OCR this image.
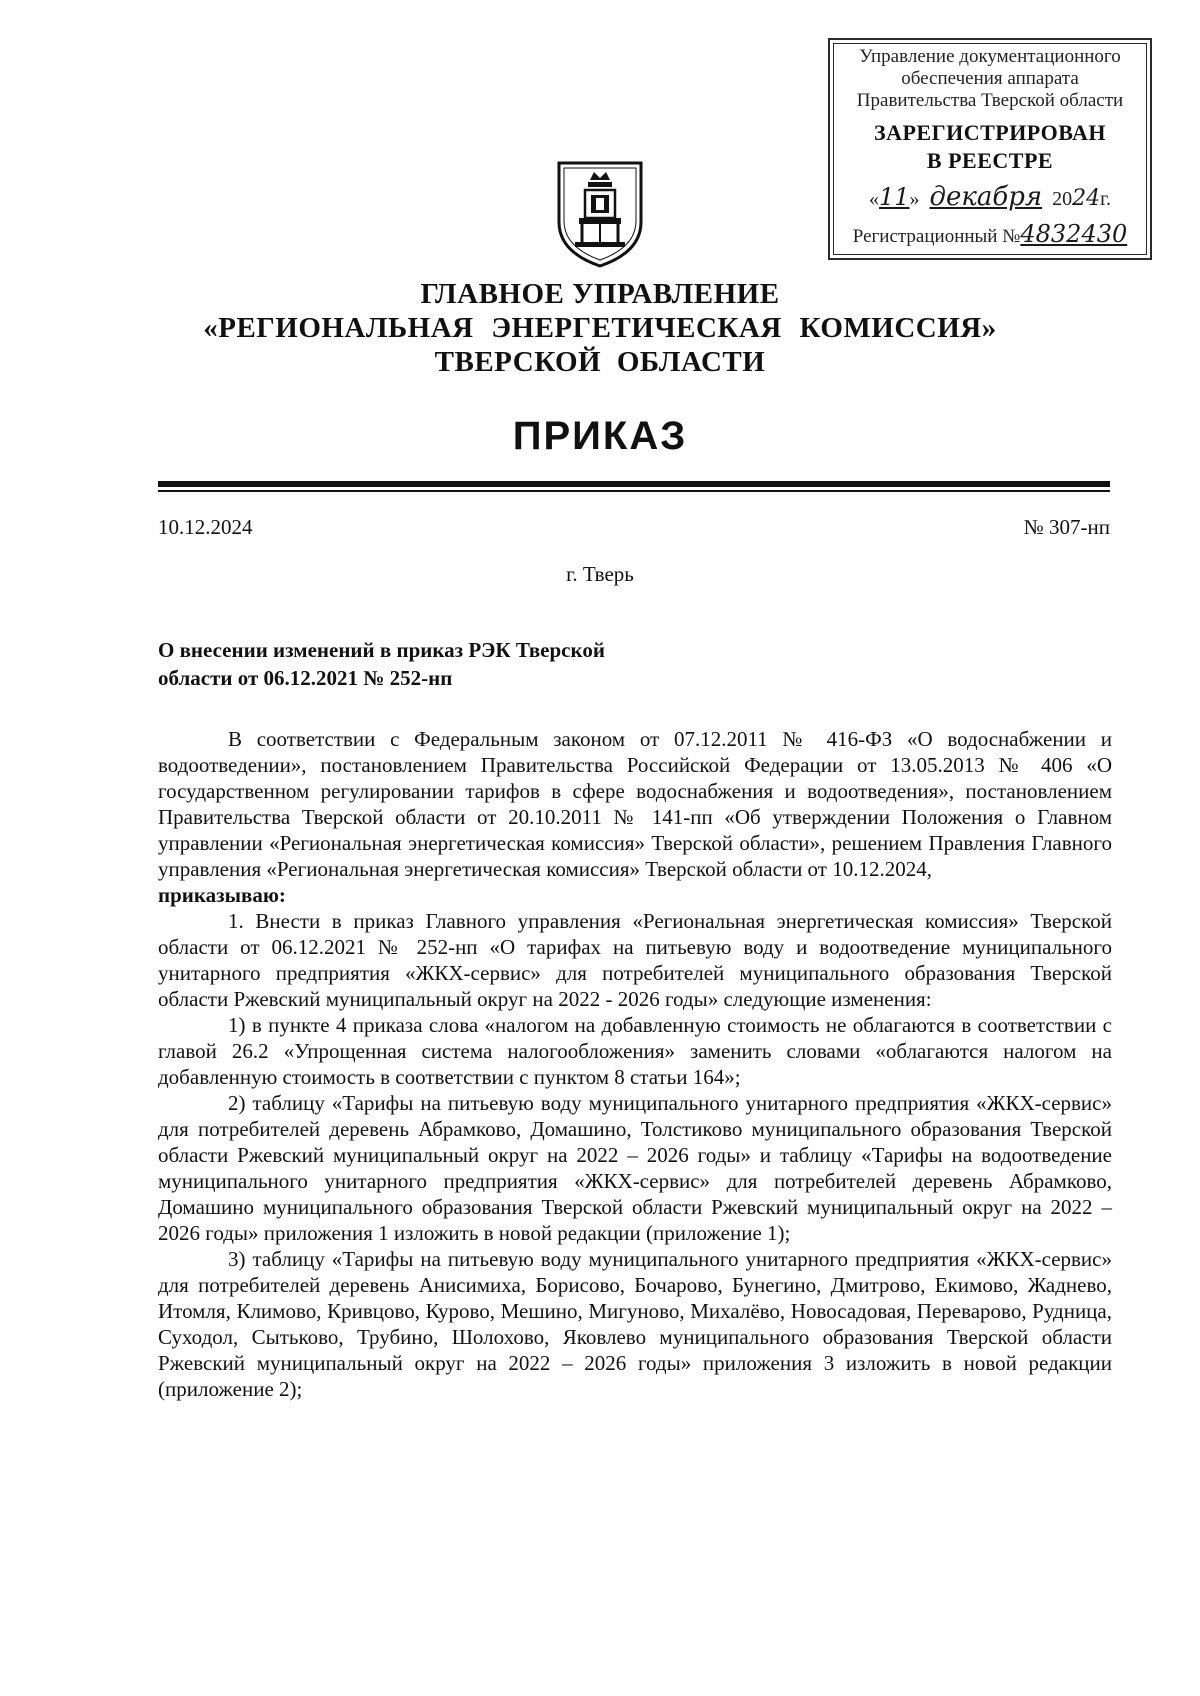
Управление документационного
обеспечения аппарата
Правительства Тверской области
ЗАРЕГИСТРИРОВАН
В РЕЕСТРЕ
«11»  декабря 2024г.
Регистрационный №4832430
ГЛАВНОЕ УПРАВЛЕНИЕ
«РЕГИОНАЛЬНАЯ ЭНЕРГЕТИЧЕСКАЯ КОМИССИЯ»
ТВЕРСКОЙ ОБЛАСТИ
ПРИКАЗ
10.12.2024	№ 307-нп
г. Тверь
О внесении изменений в приказ РЭК Тверской области от 06.12.2021 № 252-нп

В соответствии с Федеральным законом от 07.12.2011 № 416-ФЗ «О водоснабжении и водоотведении», постановлением Правительства Российской Федерации от 13.05.2013 № 406 «О государственном регулировании тарифов в сфере водоснабжения и водоотведения», постановлением Правительства Тверской области от 20.10.2011 № 141-пп «Об утверждении Положения о Главном управлении «Региональная энергетическая комиссия» Тверской области», решением Правления Главного управления «Региональная энергетическая комиссия» Тверской области от 10.12.2024,

приказываю:

1. Внести в приказ Главного управления «Региональная энергетическая комиссия» Тверской области от 06.12.2021 № 252-нп «О тарифах на питьевую воду и водоотведение муниципального унитарного предприятия «ЖКХ-сервис» для потребителей муниципального образования Тверской области Ржевский муниципальный округ на 2022 - 2026 годы» следующие изменения:

1) в пункте 4 приказа слова «налогом на добавленную стоимость не облагаются в соответствии с главой 26.2 «Упрощенная система налогообложения» заменить словами «облагаются налогом на добавленную стоимость в соответствии с пунктом 8 статьи 164»;

2) таблицу «Тарифы на питьевую воду муниципального унитарного предприятия «ЖКХ-сервис» для потребителей деревень Абрамково, Домашино, Толстиково муниципального образования Тверской области Ржевский муниципальный округ на 2022 – 2026 годы» и таблицу «Тарифы на водоотведение муниципального унитарного предприятия «ЖКХ-сервис» для потребителей деревень Абрамково, Домашино муниципального образования Тверской области Ржевский муниципальный округ на 2022 – 2026 годы» приложения 1 изложить в новой редакции (приложение 1);

3) таблицу «Тарифы на питьевую воду муниципального унитарного предприятия «ЖКХ-сервис» для потребителей деревень Анисимиха, Борисово, Бочарово, Бунегино, Дмитрово, Екимово, Жаднево, Итомля, Климово, Кривцово, Курово, Мешино, Мигуново, Михалёво, Новосадовая, Переварово, Рудница, Суходол, Сытьково, Трубино, Шолохово, Яковлево муниципального образования Тверской области Ржевский муниципальный округ на 2022 – 2026 годы» приложения 3 изложить в новой редакции (приложение 2);
